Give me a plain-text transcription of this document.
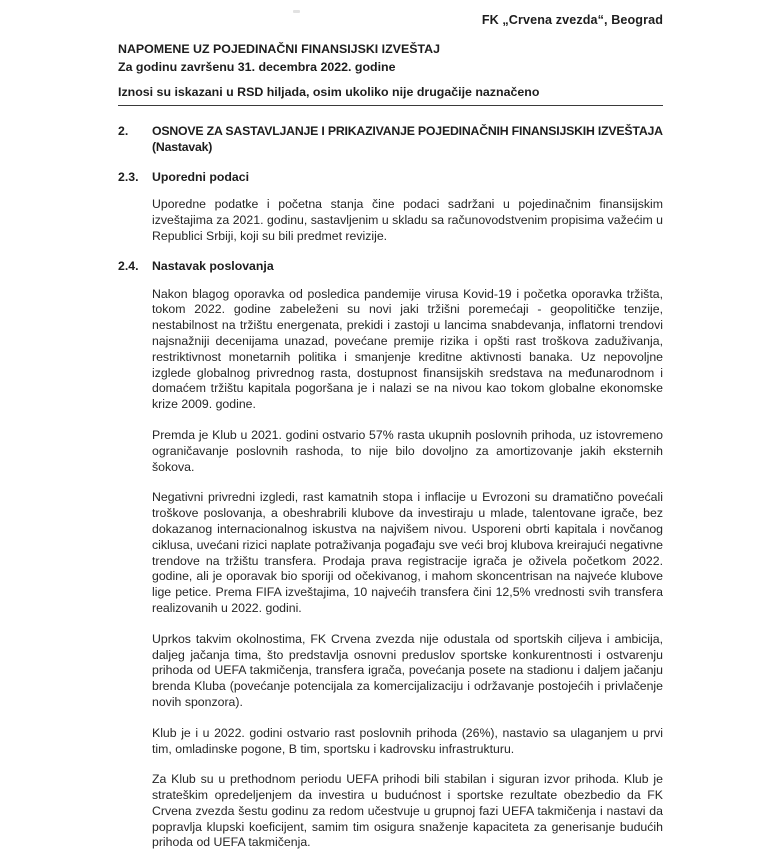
FK „Crvena zvezda“, Beograd
NAPOMENE UZ POJEDINAČNI FINANSIJSKI IZVEŠTAJ
Za godinu završenu 31. decembra 2022. godine
Iznosi su iskazani u RSD hiljada, osim ukoliko nije drugačije naznačeno
2.	OSNOVE ZA SASTAVLJANJE I PRIKAZIVANJE POJEDINAČNIH FINANSIJSKIH IZVEŠTAJA
(Nastavak)
2.3.	Uporedni podaci

Uporedne podatke i početna stanja čine podaci sadržani u pojedinačnim finansijskim izveštajima za 2021. godinu, sastavljenim u skladu sa računovodstvenim propisima važećim u Republici Srbiji, koji su bili predmet revizije.

2.4.	Nastavak poslovanja

Nakon blagog oporavka od posledica pandemije virusa Kovid-19 i početka oporavka tržišta, tokom 2022. godine zabeleženi su novi jaki tržišni poremećaji - geopolitičke tenzije, nestabilnost na tržištu energenata, prekidi i zastoji u lancima snabdevanja, inflatorni trendovi najsnažniji decenijama unazad, povećane premije rizika i opšti rast troškova zaduživanja, restriktivnost monetarnih politika i smanjenje kreditne aktivnosti banaka. Uz nepovoljne izglede globalnog privrednog rasta, dostupnost finansijskih sredstava na međunarodnom i domaćem tržištu kapitala pogoršana je i nalazi se na nivou kao tokom globalne ekonomske krize 2009. godine.

Premda je Klub u 2021. godini ostvario 57% rasta ukupnih poslovnih prihoda, uz istovremeno ograničavanje poslovnih rashoda, to nije bilo dovoljno za amortizovanje jakih eksternih šokova.

Negativni privredni izgledi, rast kamatnih stopa i inflacije u Evrozoni su dramatično povećali troškove poslovanja, a obeshrabrili klubove da investiraju u mlade, talentovane igrače, bez dokazanog internacionalnog iskustva na najvišem nivou. Usporeni obrti kapitala i novčanog ciklusa, uvećani rizici naplate potraživanja pogađaju sve veći broj klubova kreirajući negativne trendove na tržištu transfera. Prodaja prava registracije igrača je oživela početkom 2022. godine, ali je oporavak bio sporiji od očekivanog, i mahom skoncentrisan na najveće klubove lige petice. Prema FIFA izveštajima, 10 najvećih transfera čini 12,5% vrednosti svih transfera realizovanih u 2022. godini.

Uprkos takvim okolnostima, FK Crvena zvezda nije odustala od sportskih ciljeva i ambicija, daljeg jačanja tima, što predstavlja osnovni preduslov sportske konkurentnosti i ostvarenju prihoda od UEFA takmičenja, transfera igrača, povećanja posete na stadionu i daljem jačanju brenda Kluba (povećanje potencijala za komercijalizaciju i održavanje postojećih i privlačenje novih sponzora).

Klub je i u 2022. godini ostvario rast poslovnih prihoda (26%), nastavio sa ulaganjem u prvi tim, omladinske pogone, B tim, sportsku i kadrovsku infrastrukturu.

Za Klub su u prethodnom periodu UEFA prihodi bili stabilan i siguran izvor prihoda. Klub je strateškim opredeljenjem da investira u budućnost i sportske rezultate obezbedio da FK Crvena zvezda šestu godinu za redom učestvuje u grupnoj fazi UEFA takmičenja i nastavi da popravlja klupski koeficijent, samim tim osigura snaženje kapaciteta za generisanje budućih prihoda od UEFA takmičenja.
